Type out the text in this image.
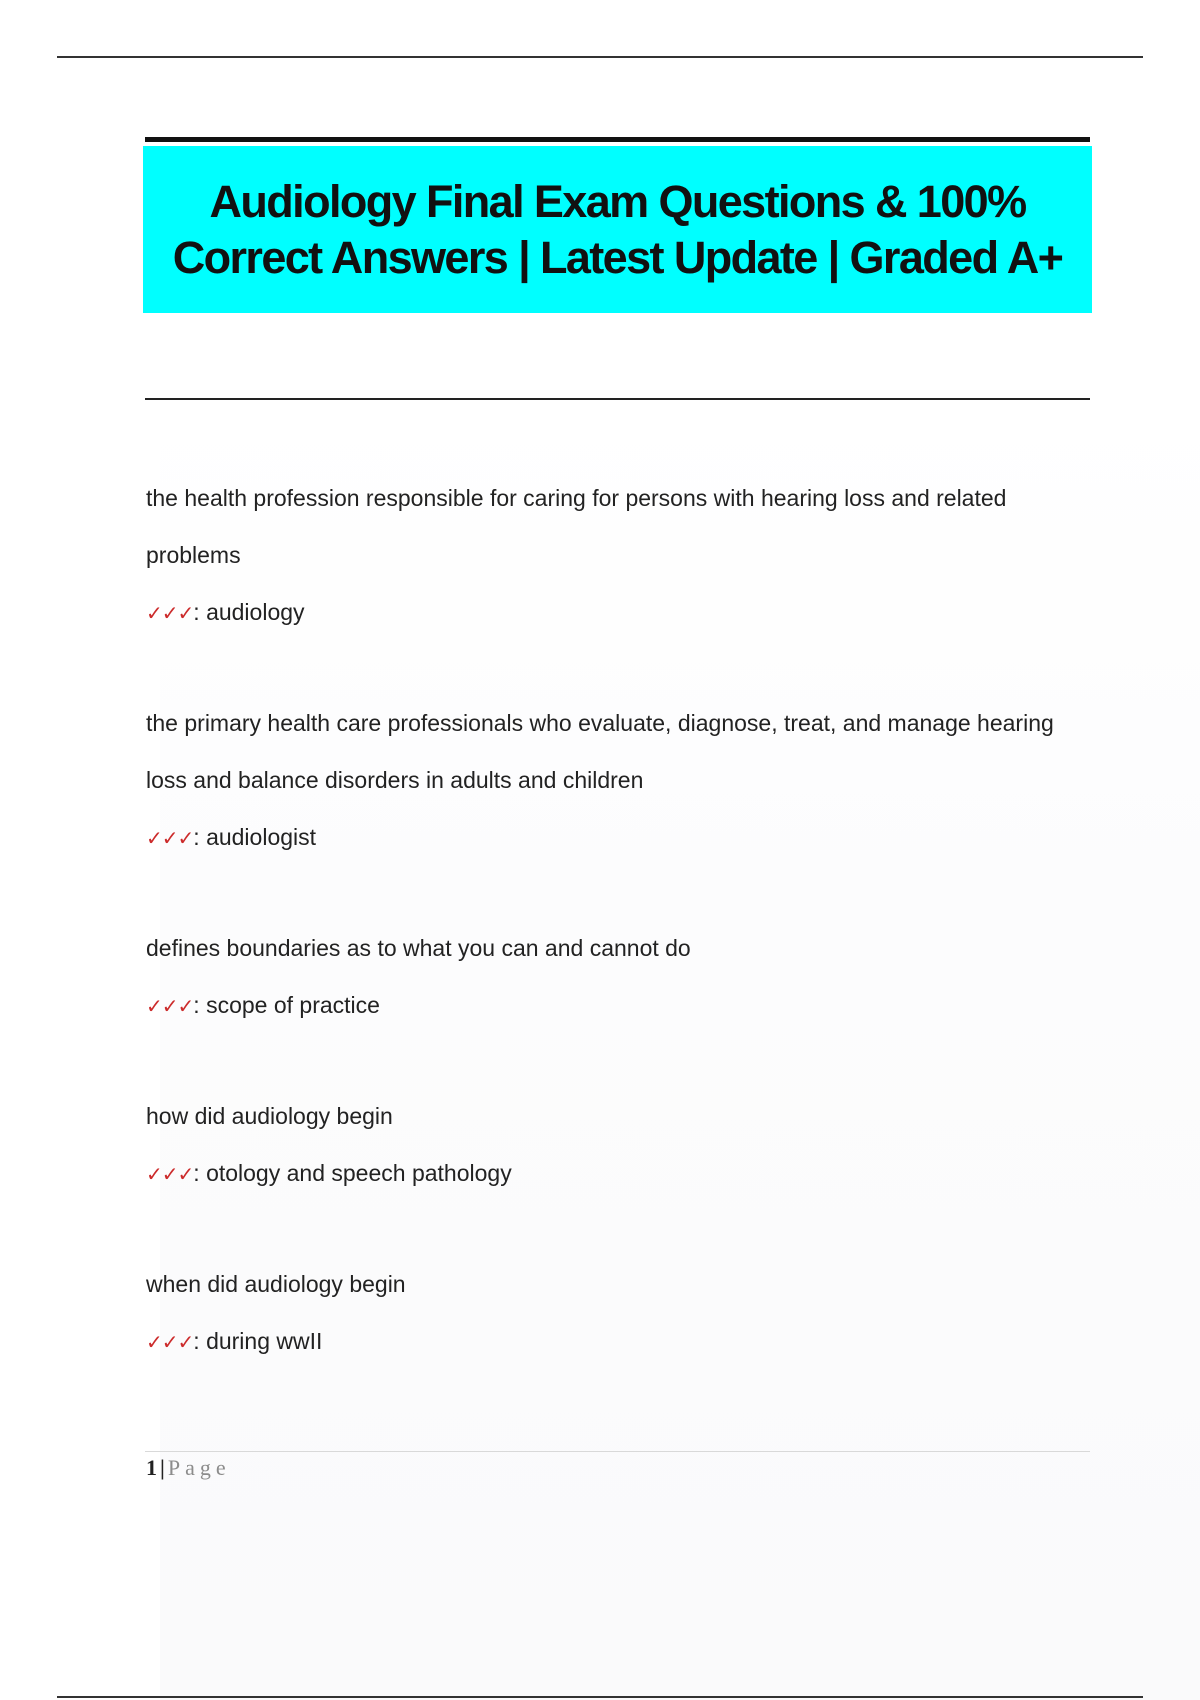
Audiology Final Exam Questions & 100% Correct Answers | Latest Update | Graded A+

the health profession responsible for caring for persons with hearing loss and related problems

✓✓✓: audiology

the primary health care professionals who evaluate, diagnose, treat, and manage hearing loss and balance disorders in adults and children

✓✓✓: audiologist

defines boundaries as to what you can and cannot do

✓✓✓: scope of practice

how did audiology begin

✓✓✓: otology and speech pathology

when did audiology begin

✓✓✓: during wwII

1 | Page
